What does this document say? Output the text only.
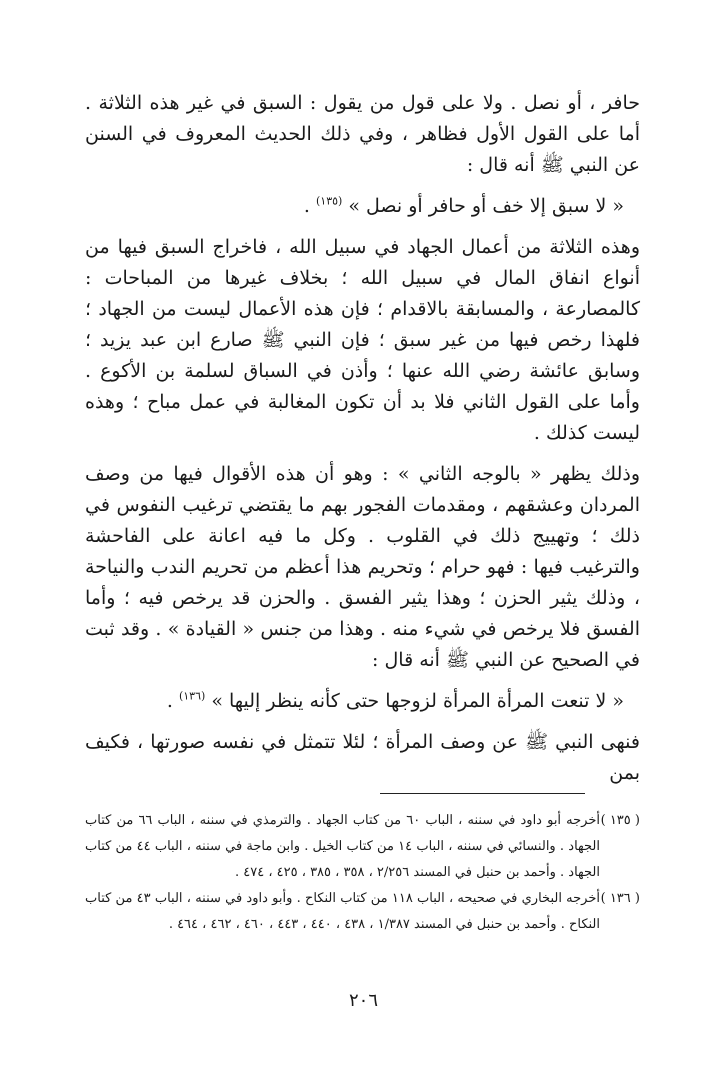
حافر ، أو نصل . ولا على قول من يقول : السبق في غير هذه الثلاثة . أما على القول الأول فظاهر ، وفي ذلك الحديث المعروف في السنن عن النبي ﷺ أنه قال :

« لا سبق إلا خف أو حافر أو نصل » $^{(١٣٥)}$ .

وهذه الثلاثة من أعمال الجهاد في سبيل الله ، فاخراج السبق فيها من أنواع انفاق المال في سبيل الله ؛ بخلاف غيرها من المباحات : كالمصارعة ، والمسابقة بالاقدام ؛ فإن هذه الأعمال ليست من الجهاد ؛ فلهذا رخص فيها من غير سبق ؛ فإن النبي ﷺ صارع ابن عبد يزيد ؛ وسابق عائشة رضي الله عنها ؛ وأذن في السباق لسلمة بن الأكوع . وأما على القول الثاني فلا بد أن تكون المغالبة في عمل مباح ؛ وهذه ليست كذلك .

وذلك يظهر « بالوجه الثاني » : وهو أن هذه الأقوال فيها من وصف المردان وعشقهم ، ومقدمات الفجور بهم ما يقتضي ترغيب النفوس في ذلك ؛ وتهييج ذلك في القلوب . وكل ما فيه اعانة على الفاحشة والترغيب فيها : فهو حرام ؛ وتحريم هذا أعظم من تحريم الندب والنياحة ، وذلك يثير الحزن ؛ وهذا يثير الفسق . والحزن قد يرخص فيه ؛ وأما الفسق فلا يرخص في شيء منه . وهذا من جنس « القيادة » . وقد ثبت في الصحيح عن النبي ﷺ أنه قال :

« لا تنعت المرأة المرأة لزوجها حتى كأنه ينظر إليها » $^{(١٣٦)}$ .

فنهى النبي ﷺ عن وصف المرأة ؛ لئلا تتمثل في نفسه صورتها ، فكيف بمن

( ١٣٥ )
أخرجه أبو داود في سننه ، الباب ٦٠ من كتاب الجهاد . والترمذي في سننه ، الباب ٦٦ من كتاب الجهاد . والنسائي في سننه ، الباب ١٤ من كتاب الخيل . وابن ماجة في سننه ، الباب ٤٤ من كتاب الجهاد . وأحمد بن حنبل في المسند ٢/٢٥٦ ، ٣٥٨ ، ٣٨٥ ، ٤٢٥ ، ٤٧٤ .

( ١٣٦ )
أخرجه البخاري في صحيحه ، الباب ١١٨ من كتاب النكاح . وأبو داود في سننه ، الباب ٤٣ من كتاب النكاح . وأحمد بن حنبل في المسند ١/٣٨٧ ، ٤٣٨ ، ٤٤٠ ، ٤٤٣ ، ٤٦٠ ، ٤٦٢ ، ٤٦٤ .

٢٠٦
